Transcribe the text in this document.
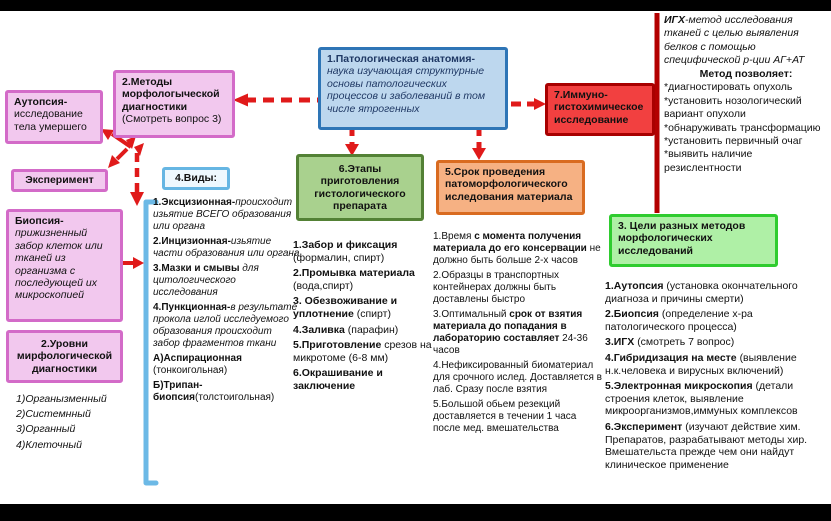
1.Патологическая анатомия- наука изучающая структурные основы патологических процессов и заболеваний в том числе ятрогенных
2.Методы морфологыческой диагностики
(Смотреть вопрос 3)
Аутопсия- исследование тела умершего
Эксперимент
Биопсия-
прижизненный забор клеток или тканей из организма с последующей их микроскопией
2.Уровни мирфологической диагностики
1)Органызменный
2)Системнный
3)Органный
4)Клеточный
4.Виды:
1.Эксцизионная-происходит изьятие ВСЕГО образования или органа
2.Инцизионная-изьятие части образования или органа
3.Мазки и смывы для цитологического исследования
4.Пункционная-в результате прокола иглой исследуемого образования происходит забор фрагментов ткани
А)Аспирационная (тонкоигольная)
Б)Трипан-биопсия(толстоигольная)
6.Этапы приготовления гистологического препарата
1.Забор и фиксация (формалин, спирт)
2.Промывка материала (вода,спирт)
3. Обезвоживание и уплотнение (спирт)
4.Заливка (парафин)
5.Приготовление срезов на микротоме (6-8 мм)
6.Окрашивание и заключение
5.Срок проведения патоморфологического иследования материала
1.Время с момента получения материала до его консервации не должно быть больше 2-х часов
2.Образцы в транспортных контейнерах должны быть доставлены быстро
3.Оптимальный срок от взятия материала до попадания в лабораторию составляет 24-36 часов
4.Нефиксированный биоматериал для срочного ислед. Доставляется в лаб. Сразу после взятия
5.Большой обьем резекций доставляется в течении 1 часа после мед. вмешательства
7.Иммуно-гистохимическое исследование
ИГХ-метод исследования тканей с целью выявления белков с помощью специфической р-ции АГ+АТ
Метод позволяет:
*диагностировать опухоль
*установить нозологический вариант опухоли
*обнаруживать трансформацию
*установить первичный очаг
*выявить наличие резислентности
3. Цели разных методов морфологических исследований
1.Аутопсия (установка окончательного диагноза и причины смерти)
2.Биопсия (определение х-ра патологического процесса)
3.ИГХ (смотреть 7 вопрос)
4.Гибридизация на месте (выявление н.к.человека и вирусных включений)
5.Электронная микроскопия (детали строения клеток, выявление микроорганизмов,иммуных комплексов
6.Эксперимент (изучают действие хим. Препаратов, разрабатывают методы хир. Вмешательста прежде чем они найдут клиническое применение
